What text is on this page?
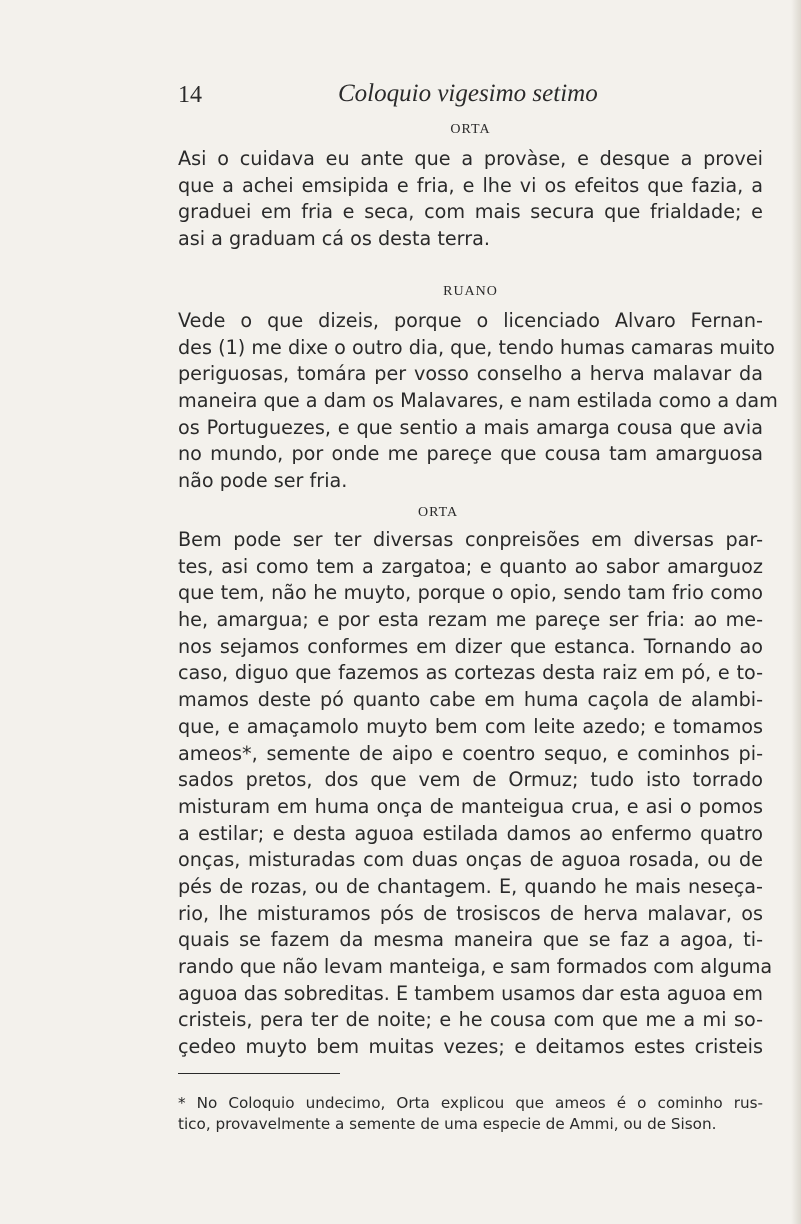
14	Coloquio vigesimo setimo
ORTA
Asi o cuidava eu ante que a provàse, e desque a provei
que a achei emsipida e fria, e lhe vi os efeitos que fazia, a
graduei em fria e seca, com mais secura que frialdade; e
asi a graduam cá os desta terra.
RUANO
Vede o que dizeis, porque o licenciado Alvaro Fernan-
des (1) me dixe o outro dia, que, tendo humas camaras muito
periguosas, tomára per vosso conselho a herva malavar da
maneira que a dam os Malavares, e nam estilada como a dam
os Portuguezes, e que sentio a mais amarga cousa que avia
no mundo, por onde me pareçe que cousa tam amarguosa
não pode ser fria.
ORTA
Bem pode ser ter diversas conpreisões em diversas par-
tes, asi como tem a zargatoa; e quanto ao sabor amarguoz
que tem, não he muyto, porque o opio, sendo tam frio como
he, amargua; e por esta rezam me pareçe ser fria: ao me-
nos sejamos conformes em dizer que estanca. Tornando ao
caso, diguo que fazemos as cortezas desta raiz em pó, e to-
mamos deste pó quanto cabe em huma caçola de alambi-
que, e amaçamolo muyto bem com leite azedo; e tomamos
ameos*, semente de aipo e coentro sequo, e cominhos pi-
sados pretos, dos que vem de Ormuz; tudo isto torrado
misturam em huma onça de manteigua crua, e asi o pomos
a estilar; e desta aguoa estilada damos ao enfermo quatro
onças, misturadas com duas onças de aguoa rosada, ou de
pés de rozas, ou de chantagem. E, quando he mais neseça-
rio, lhe misturamos pós de trosiscos de herva malavar, os
quais se fazem da mesma maneira que se faz a agoa, ti-
rando que não levam manteiga, e sam formados com alguma
aguoa das sobreditas. E tambem usamos dar esta aguoa em
cristeis, pera ter de noite; e he cousa com que me a mi so-
çedeo muyto bem muitas vezes; e deitamos estes cristeis
* No Coloquio undecimo, Orta explicou que ameos é o cominho rus-
tico, provavelmente a semente de uma especie de Ammi, ou de Sison.
